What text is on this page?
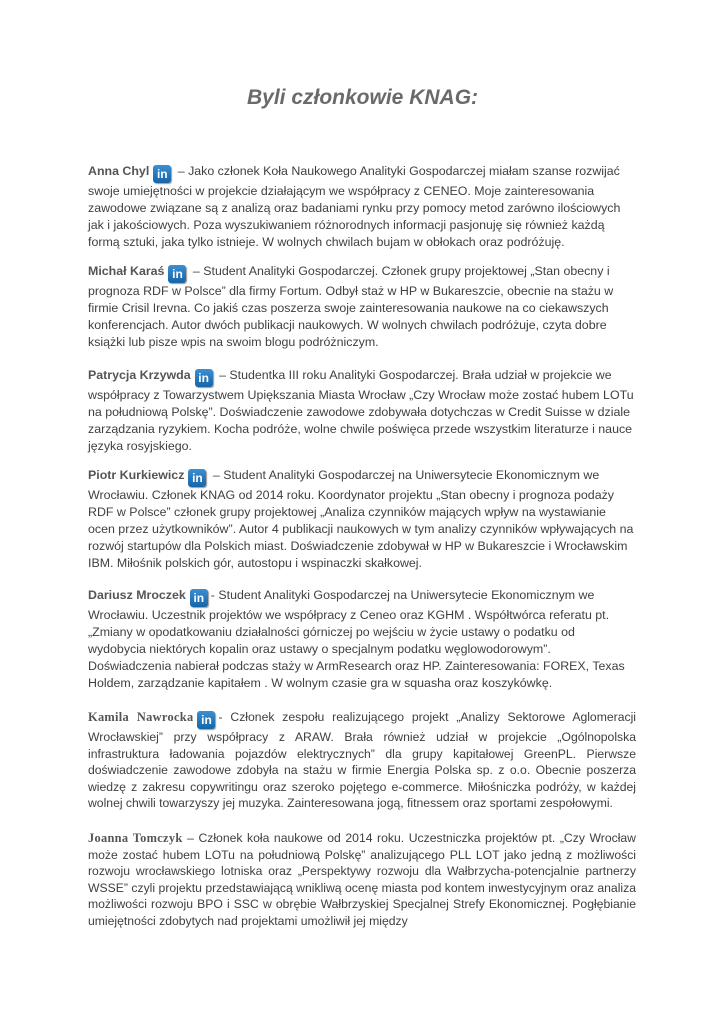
Byli członkowie KNAG:
Anna Chyl in – Jako członek Koła Naukowego Analityki Gospodarczej miałam szanse rozwijać swoje umiejętności w projekcie działającym we współpracy z CENEO. Moje zainteresowania zawodowe związane są z analizą oraz badaniami rynku przy pomocy metod zarówno ilościowych jak i jakościowych. Poza wyszukiwaniem różnorodnych informacji pasjonuję się również każdą formą sztuki, jaka tylko istnieje. W wolnych chwilach bujam w obłokach oraz podróżuję.
Michał Karaś in – Student Analityki Gospodarczej. Członek grupy projektowej „Stan obecny i prognoza RDF w Polsce” dla firmy Fortum. Odbył staż w HP w Bukareszcie, obecnie na stażu w firmie Crisil Irevna. Co jakiś czas poszerza swoje zainteresowania naukowe na co ciekawszych konferencjach. Autor dwóch publikacji naukowych. W wolnych chwilach podróżuje, czyta dobre książki lub pisze wpis na swoim blogu podróżniczym.
Patrycja Krzywda in – Studentka III roku Analityki Gospodarczej. Brała udział w projekcie we współpracy z Towarzystwem Upiększania Miasta Wrocław „Czy Wrocław może zostać hubem LOTu na południową Polskę”. Doświadczenie zawodowe zdobywała dotychczas w Credit Suisse w dziale zarządzania ryzykiem. Kocha podróże, wolne chwile poświęca przede wszystkim literaturze i nauce języka rosyjskiego.
Piotr Kurkiewicz in – Student Analityki Gospodarczej na Uniwersytecie Ekonomicznym we Wrocławiu. Członek KNAG od 2014 roku. Koordynator projektu „Stan obecny i prognoza podaży RDF w Polsce” członek grupy projektowej „Analiza czynników mających wpływ na wystawianie ocen przez użytkowników”. Autor 4 publikacji naukowych w tym analizy czynników wpływających na rozwój startupów dla Polskich miast. Doświadczenie zdobywał w HP w Bukareszcie i Wrocławskim IBM. Miłośnik polskich gór, autostopu i wspinaczki skałkowej.
Dariusz Mroczek in - Student Analityki Gospodarczej na Uniwersytecie Ekonomicznym we Wrocławiu. Uczestnik projektów we współpracy z Ceneo oraz KGHM . Współtwórca referatu pt. „Zmiany w opodatkowaniu działalności górniczej po wejściu w życie ustawy o podatku od wydobycia niektórych kopalin oraz ustawy o specjalnym podatku węglowodorowym”. Doświadczenia nabierał podczas staży w ArmResearch oraz HP. Zainteresowania: FOREX, Texas Holdem, zarządzanie kapitałem . W wolnym czasie gra w squasha oraz koszykówkę.
Kamila Nawrocka in - Członek zespołu realizującego projekt „Analizy Sektorowe Aglomeracji Wrocławskiej” przy współpracy z ARAW. Brała również udział w projekcie „Ogólnopolska infrastruktura ładowania pojazdów elektrycznych” dla grupy kapitałowej GreenPL. Pierwsze doświadczenie zawodowe zdobyła na stażu w firmie Energia Polska sp. z o.o. Obecnie poszerza wiedzę z zakresu copywritingu oraz szeroko pojętego e-commerce. Miłośniczka podróży, w każdej wolnej chwili towarzyszy jej muzyka. Zainteresowana jogą, fitnessem oraz sportami zespołowymi.
Joanna Tomczyk – Członek koła naukowe od 2014 roku. Uczestniczka projektów pt. „Czy Wrocław może zostać hubem LOTu na południową Polskę” analizującego PLL LOT jako jedną z możliwości rozwoju wrocławskiego lotniska oraz „Perspektywy rozwoju dla Wałbrzycha-potencjalnie partnerzy WSSE” czyli projektu przedstawiającą wnikliwą ocenę miasta pod kontem inwestycyjnym oraz analiza możliwości rozwoju BPO i SSC w obrębie Wałbrzyskiej Specjalnej Strefy Ekonomicznej. Pogłębianie umiejętności zdobytych nad projektami umożliwił jej między
